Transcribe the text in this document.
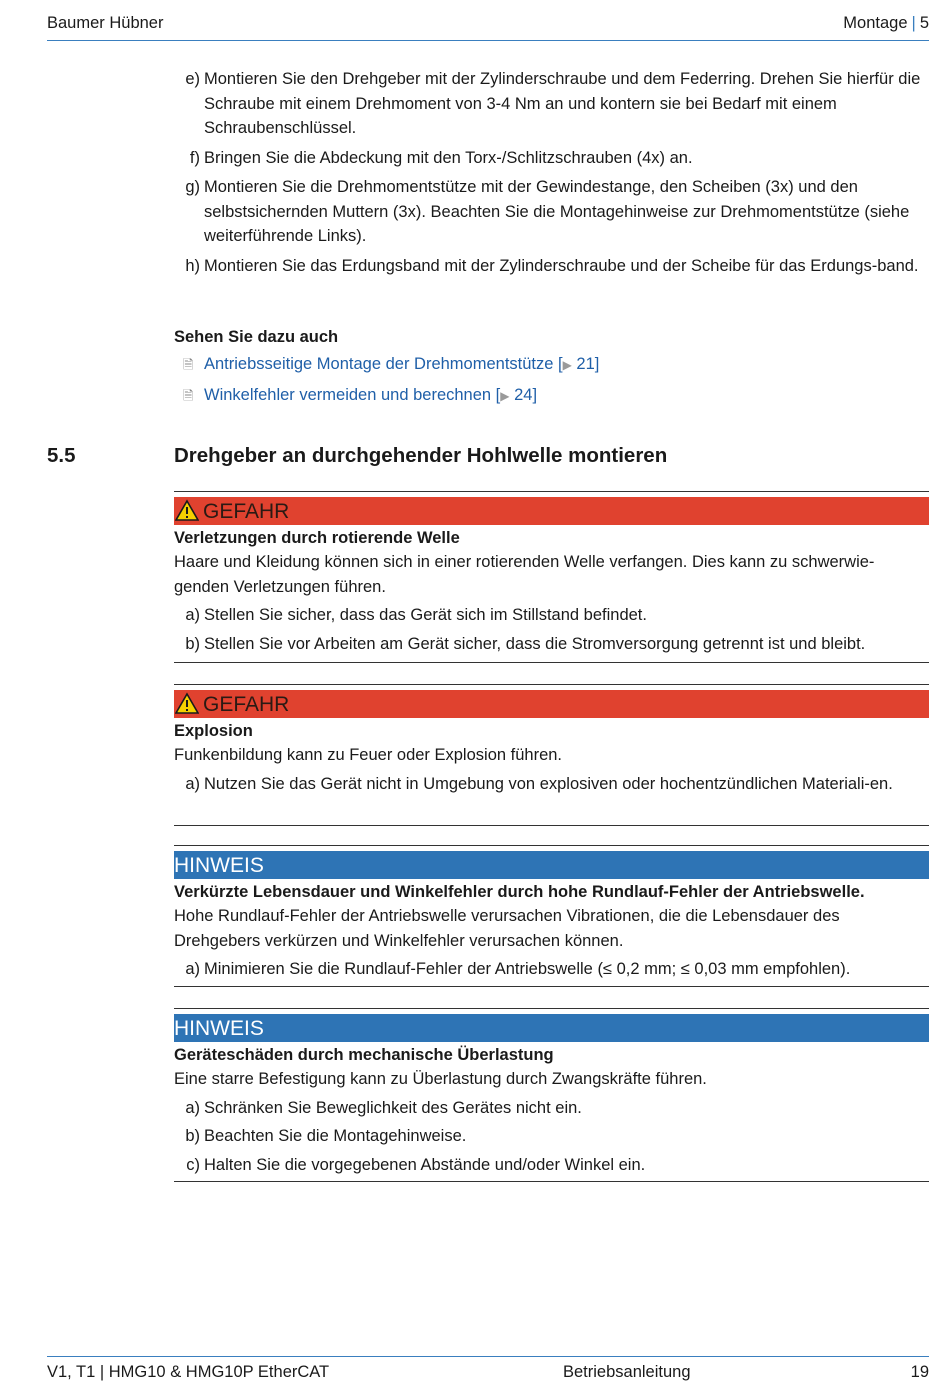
Baumer Hübner	Montage | 5
e) Montieren Sie den Drehgeber mit der Zylinderschraube und dem Federring. Drehen Sie hierfür die Schraube mit einem Drehmoment von 3-4 Nm an und kontern sie bei Bedarf mit einem Schraubenschlüssel.
f) Bringen Sie die Abdeckung mit den Torx-/Schlitzschrauben (4x) an.
g) Montieren Sie die Drehmomentstütze mit der Gewindestange, den Scheiben (3x) und den selbstsichernden Muttern (3x). Beachten Sie die Montagehinweise zur Drehmomentstütze (siehe weiterführende Links).
h) Montieren Sie das Erdungsband mit der Zylinderschraube und der Scheibe für das Erdungs-band.
Sehen Sie dazu auch
🗎 Antriebsseitige Montage der Drehmomentstütze [▶ 21]
🗎 Winkelfehler vermeiden und berechnen [▶ 24]
5.5	Drehgeber an durchgehender Hohlwelle montieren
GEFAHR
Verletzungen durch rotierende Welle
Haare und Kleidung können sich in einer rotierenden Welle verfangen. Dies kann zu schwerwie-genden Verletzungen führen.
a) Stellen Sie sicher, dass das Gerät sich im Stillstand befindet.
b) Stellen Sie vor Arbeiten am Gerät sicher, dass die Stromversorgung getrennt ist und bleibt.
GEFAHR
Explosion
Funkenbildung kann zu Feuer oder Explosion führen.
a) Nutzen Sie das Gerät nicht in Umgebung von explosiven oder hochentzündlichen Materiali-en.
HINWEIS
Verkürzte Lebensdauer und Winkelfehler durch hohe Rundlauf-Fehler der Antriebswelle.
Hohe Rundlauf-Fehler der Antriebswelle verursachen Vibrationen, die die Lebensdauer des Drehgebers verkürzen und Winkelfehler verursachen können.
a) Minimieren Sie die Rundlauf-Fehler der Antriebswelle (≤ 0,2 mm; ≤ 0,03 mm empfohlen).
HINWEIS
Geräteschäden durch mechanische Überlastung
Eine starre Befestigung kann zu Überlastung durch Zwangskräfte führen.
a) Schränken Sie Beweglichkeit des Gerätes nicht ein.
b) Beachten Sie die Montagehinweise.
c) Halten Sie die vorgegebenen Abstände und/oder Winkel ein.
V1, T1 | HMG10 & HMG10P EtherCAT	Betriebsanleitung	19
